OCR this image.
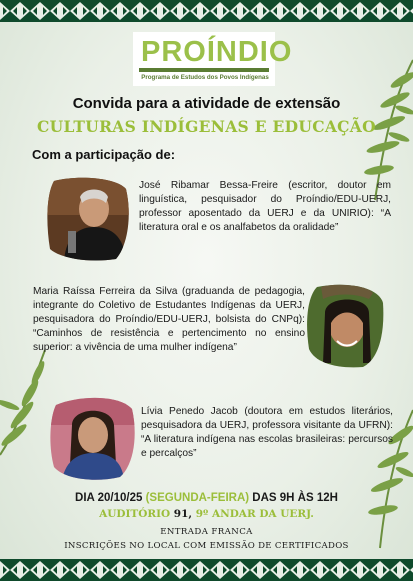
PROÍNDIO
Programa de Estudos dos Povos Indígenas
Convida para a atividade de extensão
CULTURAS INDÍGENAS E EDUCAÇÃO
Com a participação de:
José Ribamar Bessa-Freire (escritor, doutor em linguística, pesquisador do Proíndio/EDU-UERJ, professor aposentado da UERJ e da UNIRIO): “A literatura oral e os analfabetos da oralidade”
Maria Raíssa Ferreira da Silva (graduanda de pedagogia, integrante do Coletivo de Estudantes Indígenas da UERJ, pesquisadora do Proíndio/EDU-UERJ, bolsista do CNPq): “Caminhos de resistência e pertencimento no ensino superior: a vivência de uma mulher indígena”
Lívia Penedo Jacob (doutora em estudos literários, pesquisadora da UERJ, professora visitante da UFRN): “A literatura indígena nas escolas brasileiras: percursos e percalços”
DIA 20/10/25 (SEGUNDA-FEIRA) DAS 9H ÀS 12H
AUDITÓRIO 91, 9º ANDAR DA UERJ.
ENTRADA FRANCA
INSCRIÇÕES NO LOCAL COM EMISSÃO DE CERTIFICADOS
